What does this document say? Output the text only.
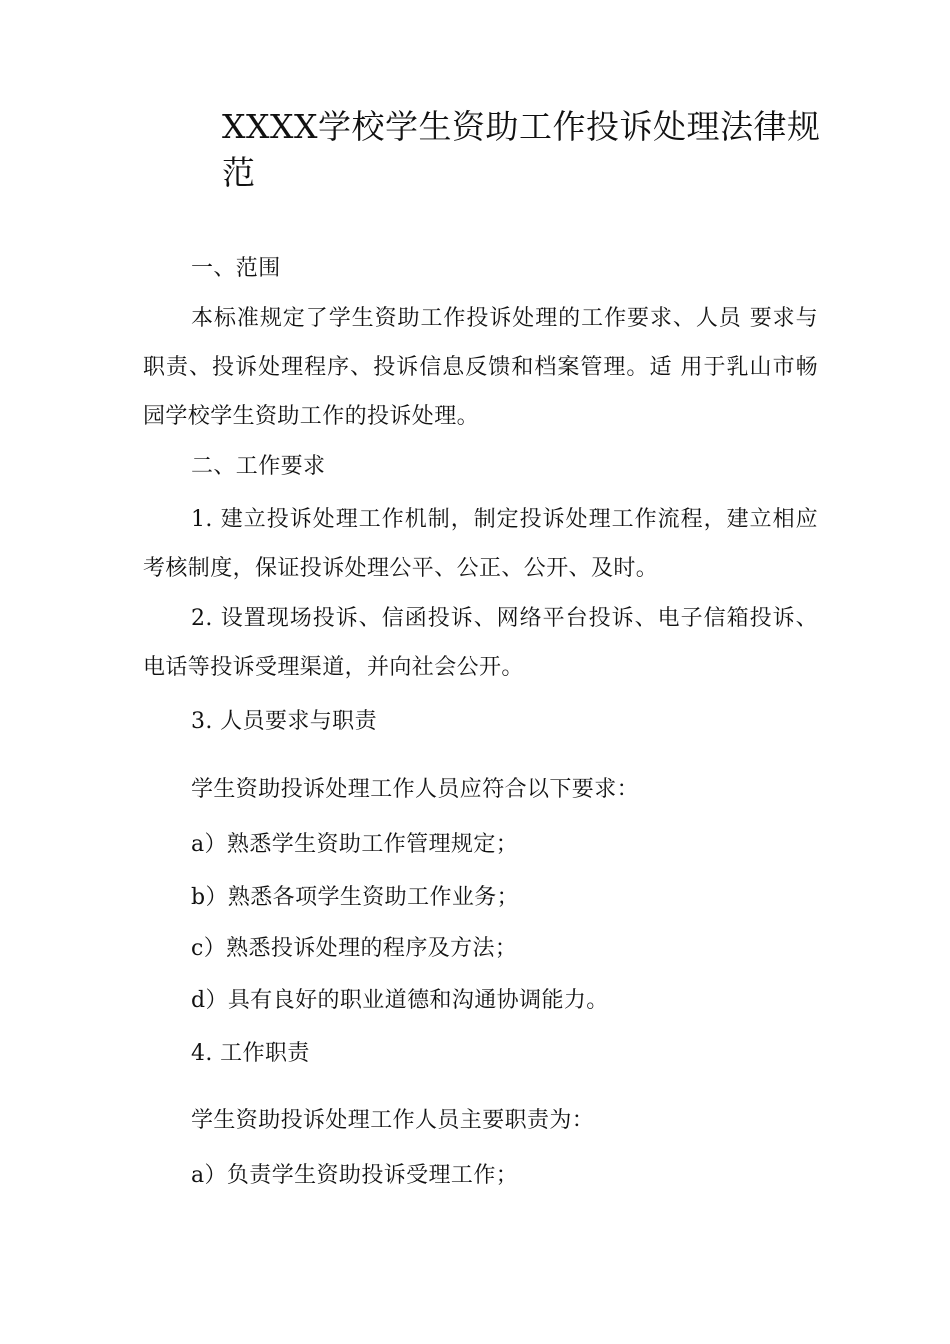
XXXX学校学生资助工作投诉处理法律规范

一、范围

本标准规定了学生资助工作投诉处理的工作要求、人员 要求与职责、投诉处理程序、投诉信息反馈和档案管理。适 用于乳山市畅园学校学生资助工作的投诉处理。

二、工作要求

1. 建立投诉处理工作机制，制定投诉处理工作流程，建立相应考核制度，保证投诉处理公平、公正、公开、及时。

2. 设置现场投诉、信函投诉、网络平台投诉、电子信箱投诉、电话等投诉受理渠道，并向社会公开。

3. 人员要求与职责

学生资助投诉处理工作人员应符合以下要求：

a）熟悉学生资助工作管理规定；

b）熟悉各项学生资助工作业务；

c）熟悉投诉处理的程序及方法；

d）具有良好的职业道德和沟通协调能力。

4. 工作职责

学生资助投诉处理工作人员主要职责为：

a）负责学生资助投诉受理工作；
